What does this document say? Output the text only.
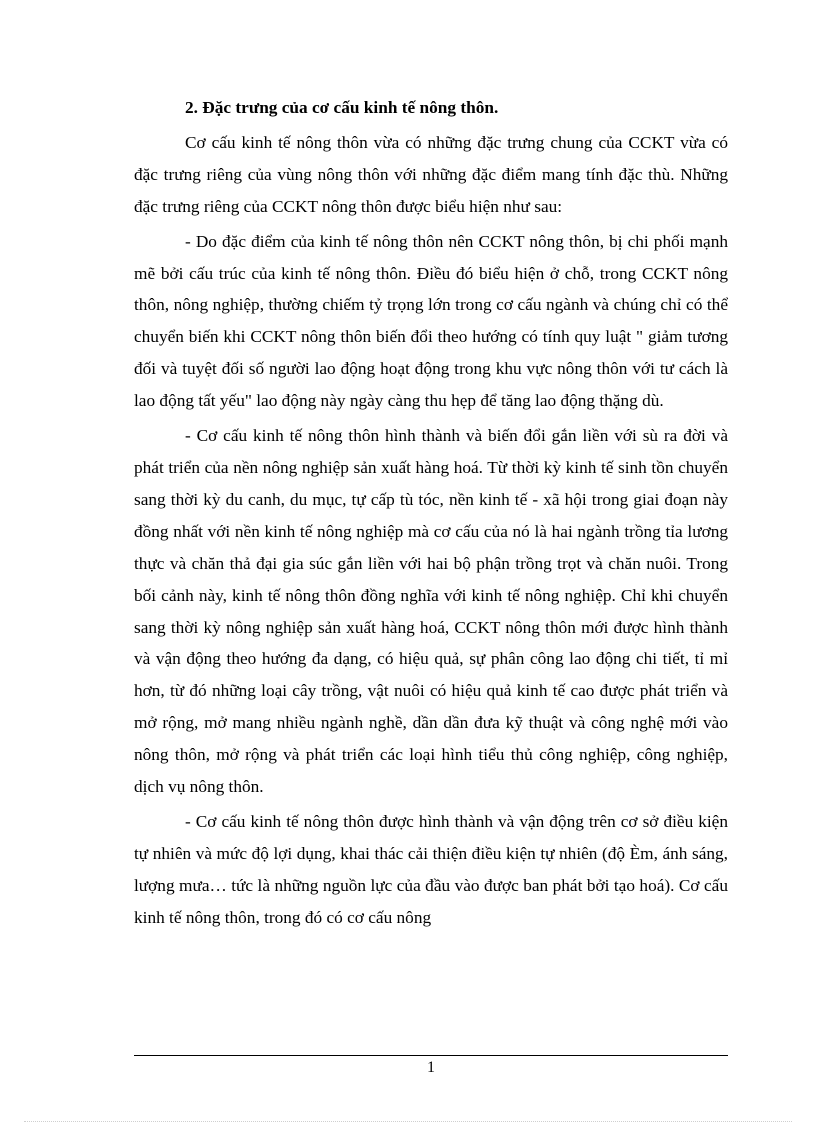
2. Đặc trưng của cơ cấu kinh tế nông thôn.

Cơ cấu kinh tế nông thôn vừa có những đặc trưng chung của CCKT vừa có đặc trưng riêng của vùng nông thôn với những đặc điểm mang tính đặc thù. Những đặc trưng riêng của CCKT nông thôn được biểu hiện như sau:

- Do đặc điểm của kinh tế nông thôn nên CCKT nông thôn, bị chi phối mạnh mẽ bởi cấu trúc của kinh tế nông thôn. Điều đó biểu hiện ở chỗ, trong CCKT nông thôn, nông nghiệp, thường chiếm tỷ trọng lớn trong cơ cấu ngành và chúng chỉ có thể chuyển biến khi CCKT nông thôn biến đổi theo hướng có tính quy luật " giảm tương đối và tuyệt đối số người lao động hoạt động trong khu vực nông thôn với tư cách là lao động tất yếu" lao động này ngày càng thu hẹp để tăng lao động thặng dù.

- Cơ cấu kinh tế nông thôn hình thành và biến đổi gắn liền với sù ra đời và phát triển của nền nông nghiệp sản xuất hàng hoá. Từ thời kỳ kinh tế sinh tồn chuyển sang thời kỳ du canh, du mục, tự cấp tù tóc, nền kinh tế - xã hội trong giai đoạn này đồng nhất với nền kinh tế nông nghiệp mà cơ cấu của nó là hai ngành trồng tỉa lương thực và chăn thả đại gia súc gắn liền với hai bộ phận trồng trọt và chăn nuôi. Trong bối cảnh này, kinh tế nông thôn đồng nghĩa với kinh tế nông nghiệp. Chỉ khi chuyển sang thời kỳ nông nghiệp sản xuất hàng hoá, CCKT nông thôn mới được hình thành và vận động theo hướng đa dạng, có hiệu quả, sự phân công lao động chi tiết, tỉ mỉ hơn, từ đó những loại cây trồng, vật nuôi có hiệu quả kinh tế cao được phát triển và mở rộng, mở mang nhiều ngành nghề, dần dần đưa kỹ thuật và công nghệ mới vào nông thôn, mở rộng và phát triển các loại hình tiểu thủ công nghiệp, công nghiệp, dịch vụ nông thôn.

- Cơ cấu kinh tế nông thôn được hình thành và vận động trên cơ sở điều kiện tự nhiên và mức độ lợi dụng, khai thác cải thiện điều kiện tự nhiên (độ Èm, ánh sáng, lượng mưa… tức là những nguồn lực của đầu vào được ban phát bởi tạo hoá). Cơ cấu kinh tế nông thôn, trong đó có cơ cấu nông

1
